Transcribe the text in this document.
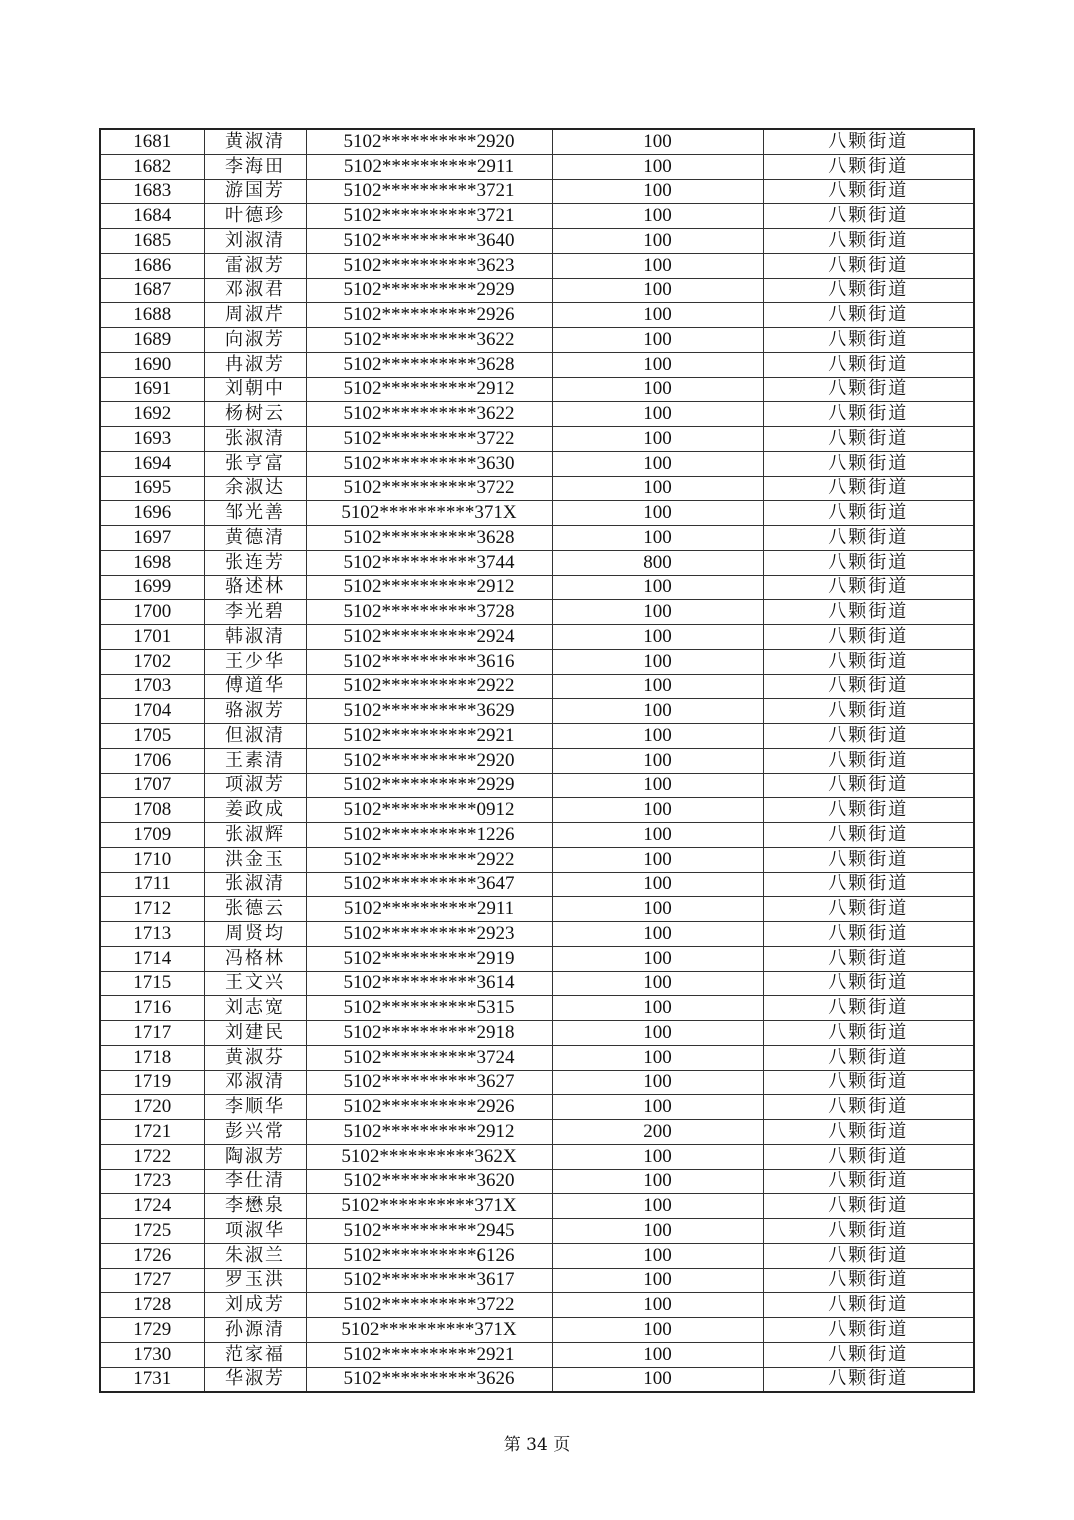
1681	黄淑清	5102**********2920	100	八颗街道
1682	李海田	5102**********2911	100	八颗街道
1683	游国芳	5102**********3721	100	八颗街道
1684	叶德珍	5102**********3721	100	八颗街道
1685	刘淑清	5102**********3640	100	八颗街道
1686	雷淑芳	5102**********3623	100	八颗街道
1687	邓淑君	5102**********2929	100	八颗街道
1688	周淑芹	5102**********2926	100	八颗街道
1689	向淑芳	5102**********3622	100	八颗街道
1690	冉淑芳	5102**********3628	100	八颗街道
1691	刘朝中	5102**********2912	100	八颗街道
1692	杨树云	5102**********3622	100	八颗街道
1693	张淑清	5102**********3722	100	八颗街道
1694	张亨富	5102**********3630	100	八颗街道
1695	余淑达	5102**********3722	100	八颗街道
1696	邹光善	5102**********371X	100	八颗街道
1697	黄德清	5102**********3628	100	八颗街道
1698	张连芳	5102**********3744	800	八颗街道
1699	骆述林	5102**********2912	100	八颗街道
1700	李光碧	5102**********3728	100	八颗街道
1701	韩淑清	5102**********2924	100	八颗街道
1702	王少华	5102**********3616	100	八颗街道
1703	傅道华	5102**********2922	100	八颗街道
1704	骆淑芳	5102**********3629	100	八颗街道
1705	但淑清	5102**********2921	100	八颗街道
1706	王素清	5102**********2920	100	八颗街道
1707	项淑芳	5102**********2929	100	八颗街道
1708	姜政成	5102**********0912	100	八颗街道
1709	张淑辉	5102**********1226	100	八颗街道
1710	洪金玉	5102**********2922	100	八颗街道
1711	张淑清	5102**********3647	100	八颗街道
1712	张德云	5102**********2911	100	八颗街道
1713	周贤均	5102**********2923	100	八颗街道
1714	冯格林	5102**********2919	100	八颗街道
1715	王文兴	5102**********3614	100	八颗街道
1716	刘志宽	5102**********5315	100	八颗街道
1717	刘建民	5102**********2918	100	八颗街道
1718	黄淑芬	5102**********3724	100	八颗街道
1719	邓淑清	5102**********3627	100	八颗街道
1720	李顺华	5102**********2926	100	八颗街道
1721	彭兴常	5102**********2912	200	八颗街道
1722	陶淑芳	5102**********362X	100	八颗街道
1723	李仕清	5102**********3620	100	八颗街道
1724	李懋泉	5102**********371X	100	八颗街道
1725	项淑华	5102**********2945	100	八颗街道
1726	朱淑兰	5102**********6126	100	八颗街道
1727	罗玉洪	5102**********3617	100	八颗街道
1728	刘成芳	5102**********3722	100	八颗街道
1729	孙源清	5102**********371X	100	八颗街道
1730	范家福	5102**********2921	100	八颗街道
1731	华淑芳	5102**********3626	100	八颗街道
第 34 页
